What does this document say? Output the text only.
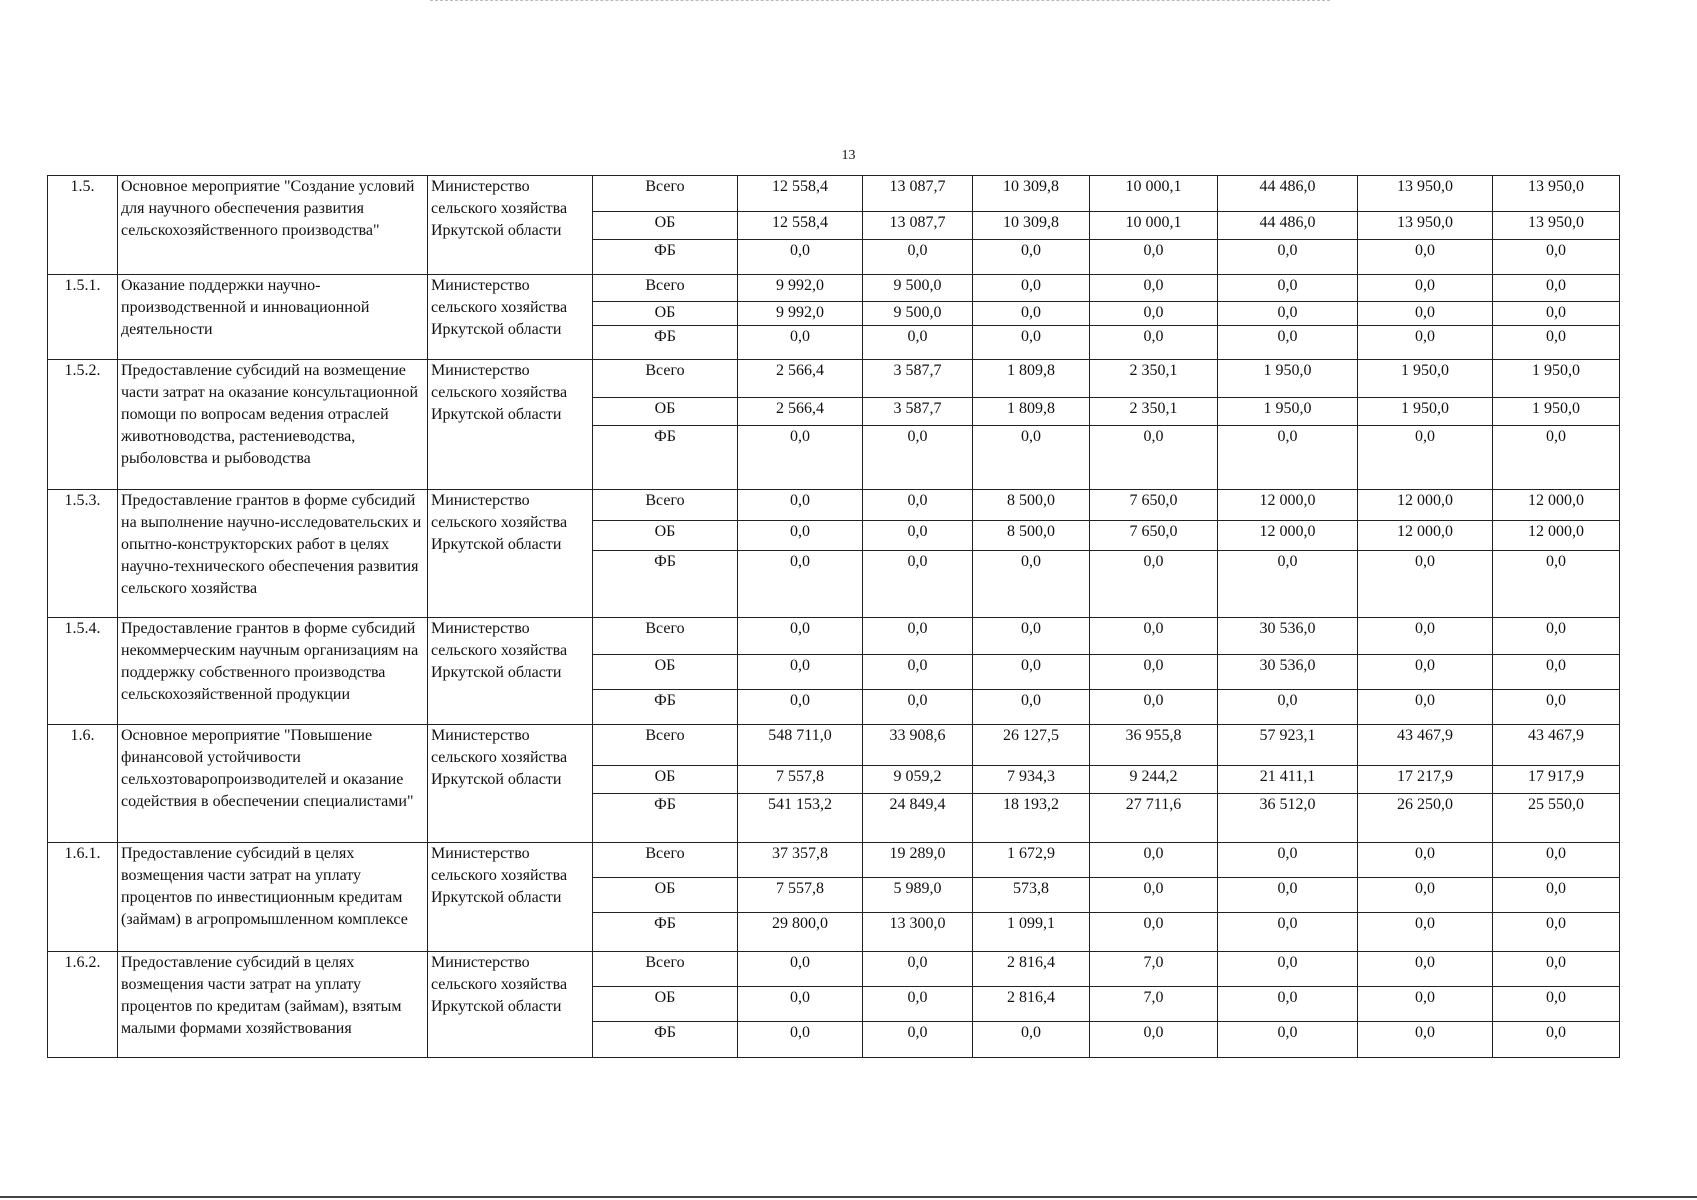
13
1.5.	Основное мероприятие "Создание условий для научного обеспечения развития сельскохозяйственного производства"	Министерство сельского хозяйства Иркутской области	Всего	12 558,4	13 087,7	10 309,8	10 000,1	44 486,0	13 950,0	13 950,0
			ОБ	12 558,4	13 087,7	10 309,8	10 000,1	44 486,0	13 950,0	13 950,0
			ФБ	0,0	0,0	0,0	0,0	0,0	0,0	0,0
1.5.1.	Оказание поддержки научно-производственной и инновационной деятельности	Министерство сельского хозяйства Иркутской области	Всего	9 992,0	9 500,0	0,0	0,0	0,0	0,0	0,0
			ОБ	9 992,0	9 500,0	0,0	0,0	0,0	0,0	0,0
			ФБ	0,0	0,0	0,0	0,0	0,0	0,0	0,0
1.5.2.	Предоставление субсидий на возмещение части затрат на оказание консультационной помощи по вопросам ведения отраслей животноводства, растениеводства, рыболовства и рыбоводства	Министерство сельского хозяйства Иркутской области	Всего	2 566,4	3 587,7	1 809,8	2 350,1	1 950,0	1 950,0	1 950,0
			ОБ	2 566,4	3 587,7	1 809,8	2 350,1	1 950,0	1 950,0	1 950,0
			ФБ	0,0	0,0	0,0	0,0	0,0	0,0	0,0
1.5.3.	Предоставление грантов в форме субсидий на выполнение научно-исследовательских и опытно-конструкторских работ в целях научно-технического обеспечения развития сельского хозяйства	Министерство сельского хозяйства Иркутской области	Всего	0,0	0,0	8 500,0	7 650,0	12 000,0	12 000,0	12 000,0
			ОБ	0,0	0,0	8 500,0	7 650,0	12 000,0	12 000,0	12 000,0
			ФБ	0,0	0,0	0,0	0,0	0,0	0,0	0,0
1.5.4.	Предоставление грантов в форме субсидий некоммерческим научным организациям на поддержку собственного производства сельскохозяйственной продукции	Министерство сельского хозяйства Иркутской области	Всего	0,0	0,0	0,0	0,0	30 536,0	0,0	0,0
			ОБ	0,0	0,0	0,0	0,0	30 536,0	0,0	0,0
			ФБ	0,0	0,0	0,0	0,0	0,0	0,0	0,0
1.6.	Основное мероприятие "Повышение финансовой устойчивости сельхозтоваропроизводителей и оказание содействия в обеспечении специалистами"	Министерство сельского хозяйства Иркутской области	Всего	548 711,0	33 908,6	26 127,5	36 955,8	57 923,1	43 467,9	43 467,9
			ОБ	7 557,8	9 059,2	7 934,3	9 244,2	21 411,1	17 217,9	17 917,9
			ФБ	541 153,2	24 849,4	18 193,2	27 711,6	36 512,0	26 250,0	25 550,0
1.6.1.	Предоставление субсидий в целях возмещения части затрат на уплату процентов по инвестиционным кредитам (займам) в агропромышленном комплексе	Министерство сельского хозяйства Иркутской области	Всего	37 357,8	19 289,0	1 672,9	0,0	0,0	0,0	0,0
			ОБ	7 557,8	5 989,0	573,8	0,0	0,0	0,0	0,0
			ФБ	29 800,0	13 300,0	1 099,1	0,0	0,0	0,0	0,0
1.6.2.	Предоставление субсидий в целях возмещения части затрат на уплату процентов по кредитам (займам), взятым малыми формами хозяйствования	Министерство сельского хозяйства Иркутской области	Всего	0,0	0,0	2 816,4	7,0	0,0	0,0	0,0
			ОБ	0,0	0,0	2 816,4	7,0	0,0	0,0	0,0
			ФБ	0,0	0,0	0,0	0,0	0,0	0,0	0,0
